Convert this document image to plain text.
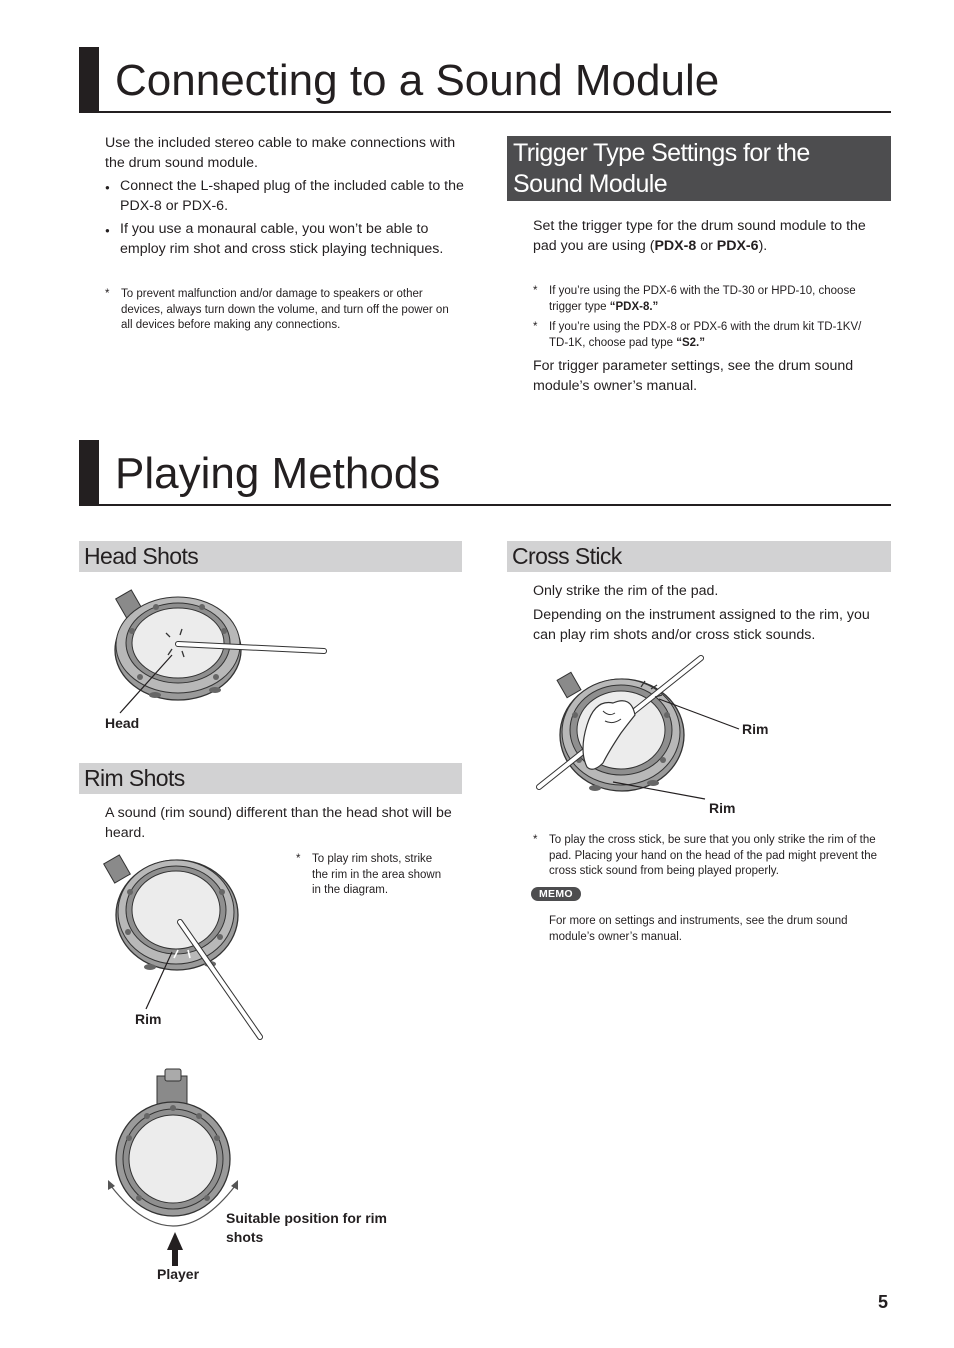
Connecting to a Sound Module
Use the included stereo cable to make connections with the drum sound module.
● Connect the L-shaped plug of the included cable to the PDX-8 or PDX-6.
● If you use a monaural cable, you won’t be able to employ rim shot and cross stick playing techniques.
* To prevent malfunction and/or damage to speakers or other devices, always turn down the volume, and turn off the power on all devices before making any connections.
Trigger Type Settings for the Sound Module
Set the trigger type for the drum sound module to the pad you are using (PDX-8 or PDX-6).
* If you’re using the PDX-6 with the TD-30 or HPD-10, choose trigger type “PDX-8.”
* If you’re using the PDX-8 or PDX-6 with the drum kit TD-1KV/ TD-1K, choose pad type “S2.”
For trigger parameter settings, see the drum sound module’s owner’s manual.
Playing Methods
Head Shots
Head
Rim Shots
A sound (rim sound) different than the head shot will be heard.
Rim
* To play rim shots, strike the rim in the area shown in the diagram.
Suitable position for rim shots
Player
Cross Stick
Only strike the rim of the pad.
Depending on the instrument assigned to the rim, you can play rim shots and/or cross stick sounds.
Rim
Rim
* To play the cross stick, be sure that you only strike the rim of the pad. Placing your hand on the head of the pad might prevent the cross stick sound from being played properly.
MEMO
For more on settings and instruments, see the drum sound module’s owner’s manual.
5
